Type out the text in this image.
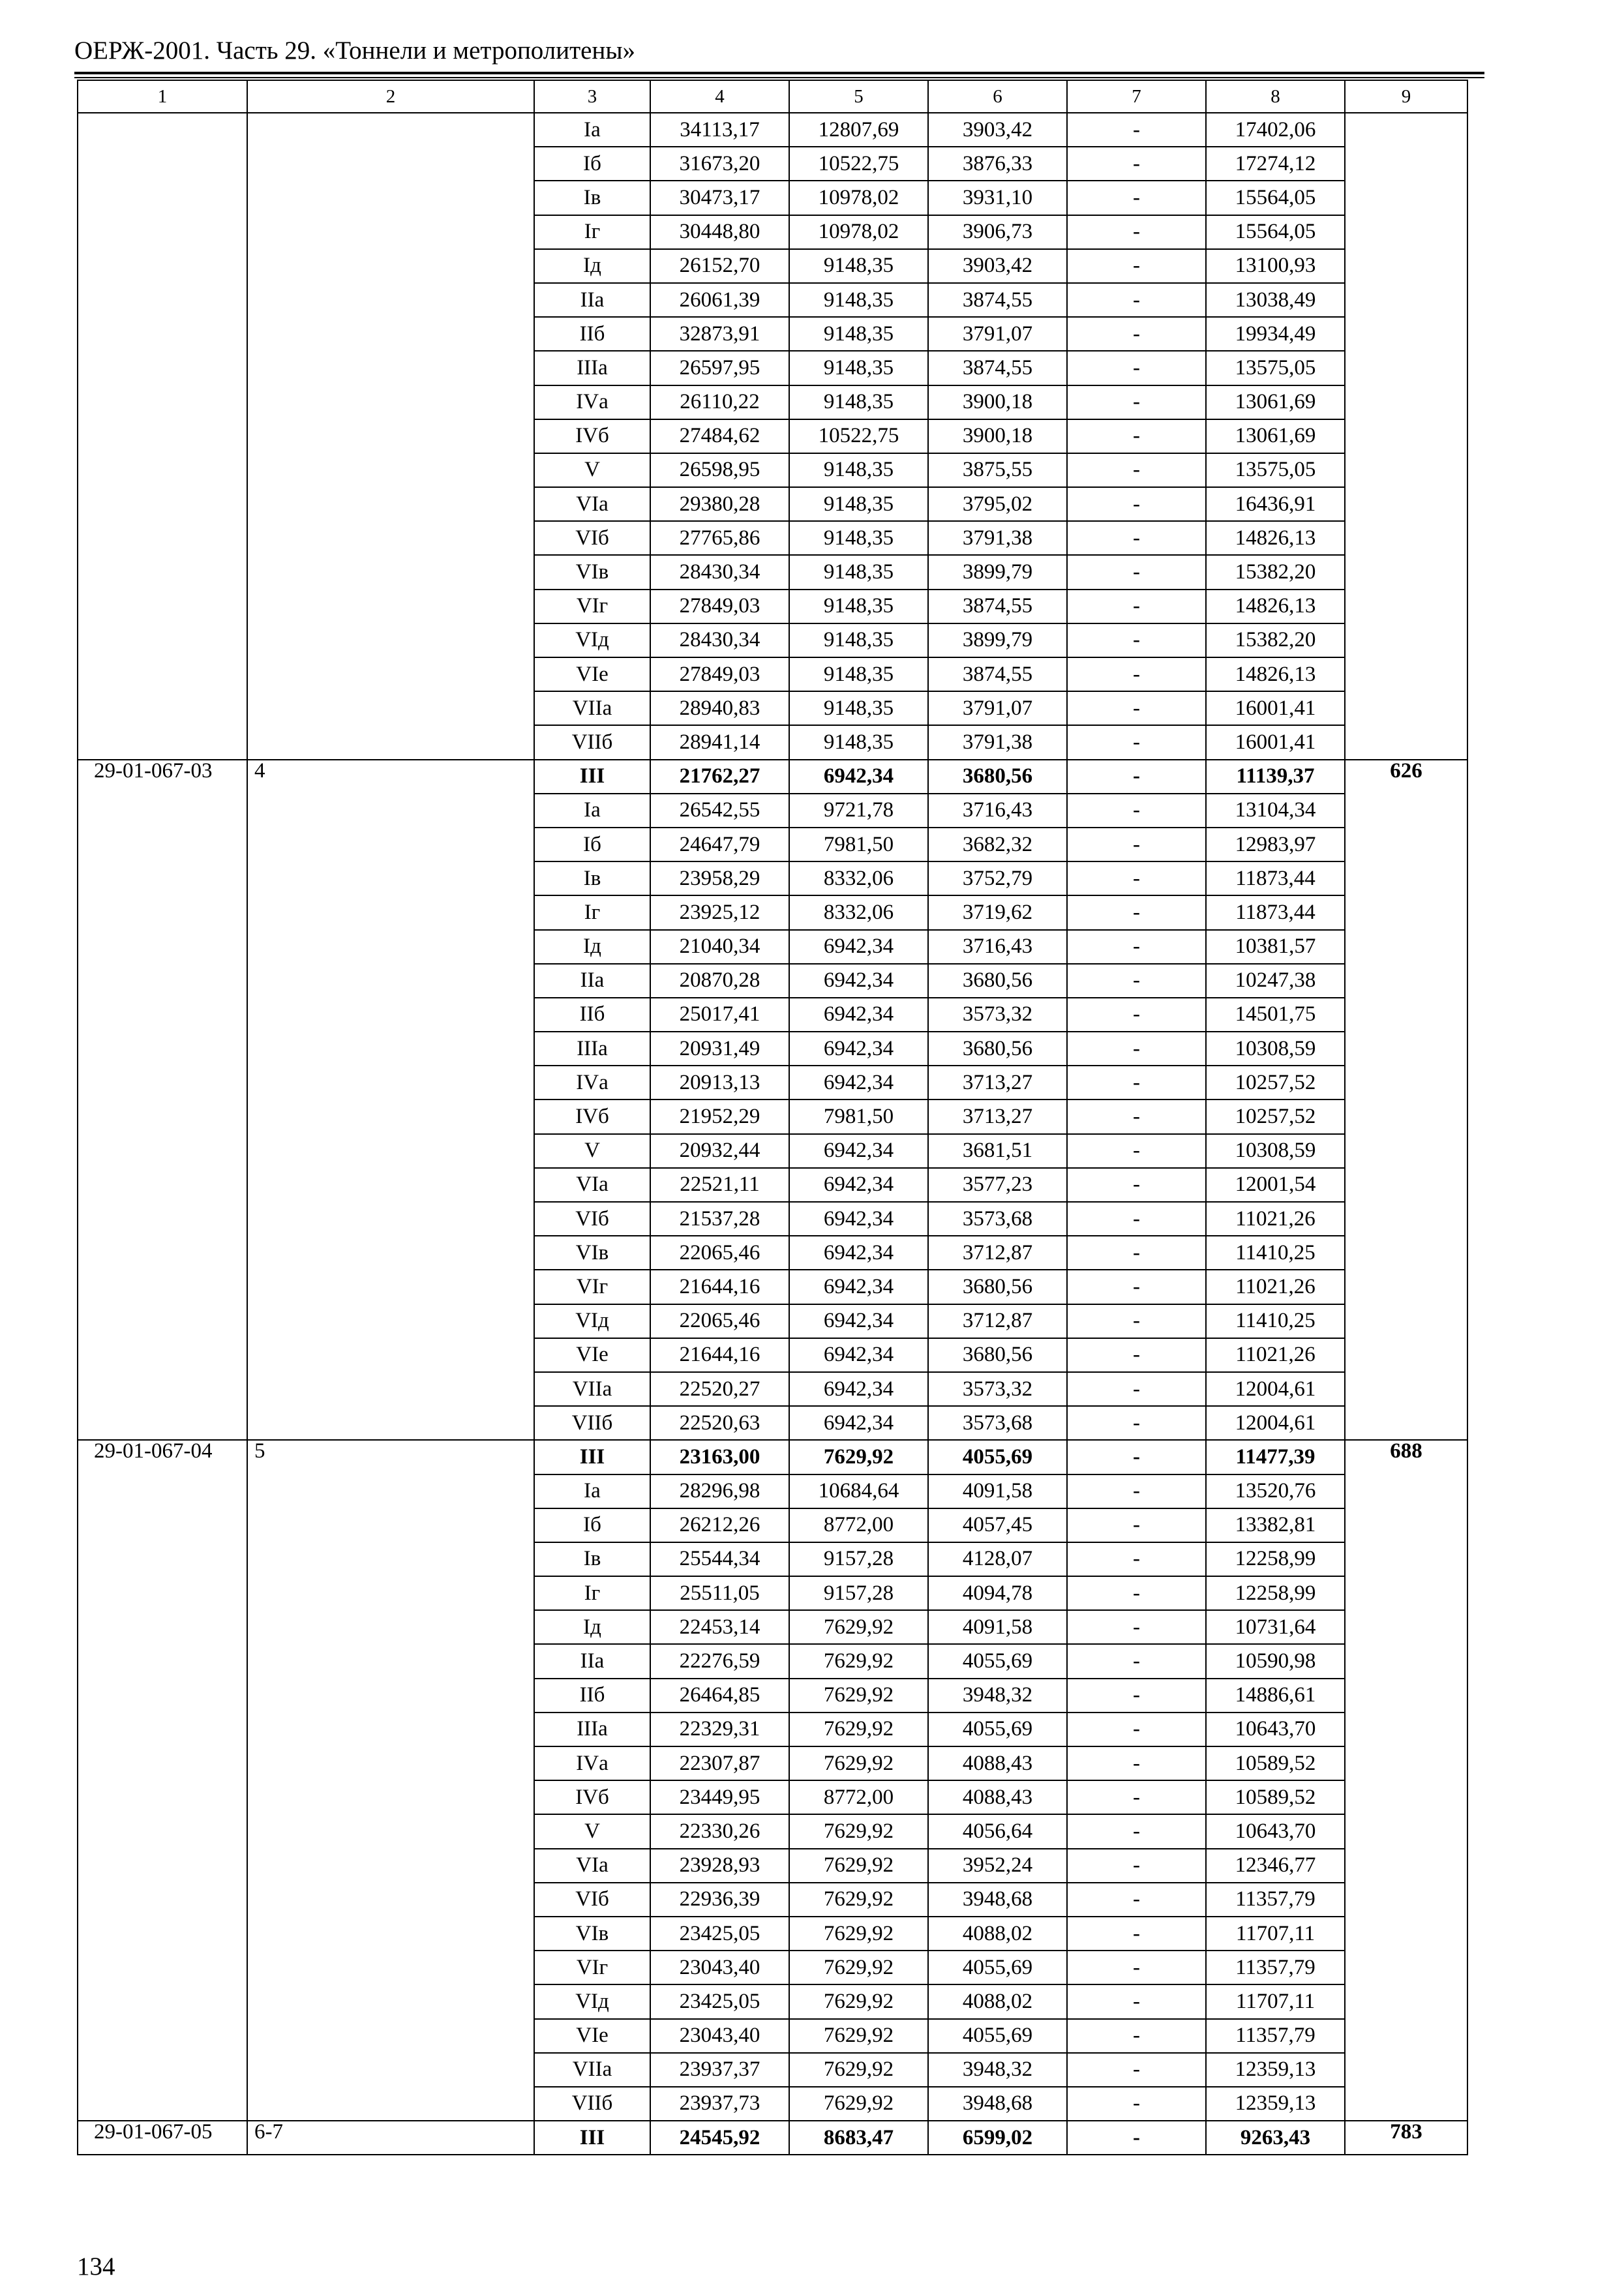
ОЕРЖ-2001. Часть 29. «Тоннели и метрополитены»
1	2	3	4	5	6	7	8	9
		Iа	34113,17	12807,69	3903,42	-	17402,06	
		Iб	31673,20	10522,75	3876,33	-	17274,12	
		Iв	30473,17	10978,02	3931,10	-	15564,05	
		Iг	30448,80	10978,02	3906,73	-	15564,05	
		Iд	26152,70	9148,35	3903,42	-	13100,93	
		IIа	26061,39	9148,35	3874,55	-	13038,49	
		IIб	32873,91	9148,35	3791,07	-	19934,49	
		IIIа	26597,95	9148,35	3874,55	-	13575,05	
		IVа	26110,22	9148,35	3900,18	-	13061,69	
		IVб	27484,62	10522,75	3900,18	-	13061,69	
		V	26598,95	9148,35	3875,55	-	13575,05	
		VIа	29380,28	9148,35	3795,02	-	16436,91	
		VIб	27765,86	9148,35	3791,38	-	14826,13	
		VIв	28430,34	9148,35	3899,79	-	15382,20	
		VIг	27849,03	9148,35	3874,55	-	14826,13	
		VIд	28430,34	9148,35	3899,79	-	15382,20	
		VIе	27849,03	9148,35	3874,55	-	14826,13	
		VIIа	28940,83	9148,35	3791,07	-	16001,41	
		VIIб	28941,14	9148,35	3791,38	-	16001,41	
29-01-067-03	4	III	21762,27	6942,34	3680,56	-	11139,37	626
		Iа	26542,55	9721,78	3716,43	-	13104,34	
		Iб	24647,79	7981,50	3682,32	-	12983,97	
		Iв	23958,29	8332,06	3752,79	-	11873,44	
		Iг	23925,12	8332,06	3719,62	-	11873,44	
		Iд	21040,34	6942,34	3716,43	-	10381,57	
		IIа	20870,28	6942,34	3680,56	-	10247,38	
		IIб	25017,41	6942,34	3573,32	-	14501,75	
		IIIа	20931,49	6942,34	3680,56	-	10308,59	
		IVа	20913,13	6942,34	3713,27	-	10257,52	
		IVб	21952,29	7981,50	3713,27	-	10257,52	
		V	20932,44	6942,34	3681,51	-	10308,59	
		VIа	22521,11	6942,34	3577,23	-	12001,54	
		VIб	21537,28	6942,34	3573,68	-	11021,26	
		VIв	22065,46	6942,34	3712,87	-	11410,25	
		VIг	21644,16	6942,34	3680,56	-	11021,26	
		VIд	22065,46	6942,34	3712,87	-	11410,25	
		VIе	21644,16	6942,34	3680,56	-	11021,26	
		VIIа	22520,27	6942,34	3573,32	-	12004,61	
		VIIб	22520,63	6942,34	3573,68	-	12004,61	
29-01-067-04	5	III	23163,00	7629,92	4055,69	-	11477,39	688
		Iа	28296,98	10684,64	4091,58	-	13520,76	
		Iб	26212,26	8772,00	4057,45	-	13382,81	
		Iв	25544,34	9157,28	4128,07	-	12258,99	
		Iг	25511,05	9157,28	4094,78	-	12258,99	
		Iд	22453,14	7629,92	4091,58	-	10731,64	
		IIа	22276,59	7629,92	4055,69	-	10590,98	
		IIб	26464,85	7629,92	3948,32	-	14886,61	
		IIIа	22329,31	7629,92	4055,69	-	10643,70	
		IVа	22307,87	7629,92	4088,43	-	10589,52	
		IVб	23449,95	8772,00	4088,43	-	10589,52	
		V	22330,26	7629,92	4056,64	-	10643,70	
		VIа	23928,93	7629,92	3952,24	-	12346,77	
		VIб	22936,39	7629,92	3948,68	-	11357,79	
		VIв	23425,05	7629,92	4088,02	-	11707,11	
		VIг	23043,40	7629,92	4055,69	-	11357,79	
		VIд	23425,05	7629,92	4088,02	-	11707,11	
		VIе	23043,40	7629,92	4055,69	-	11357,79	
		VIIа	23937,37	7629,92	3948,32	-	12359,13	
		VIIб	23937,73	7629,92	3948,68	-	12359,13	
29-01-067-05	6-7	III	24545,92	8683,47	6599,02	-	9263,43	783
134
